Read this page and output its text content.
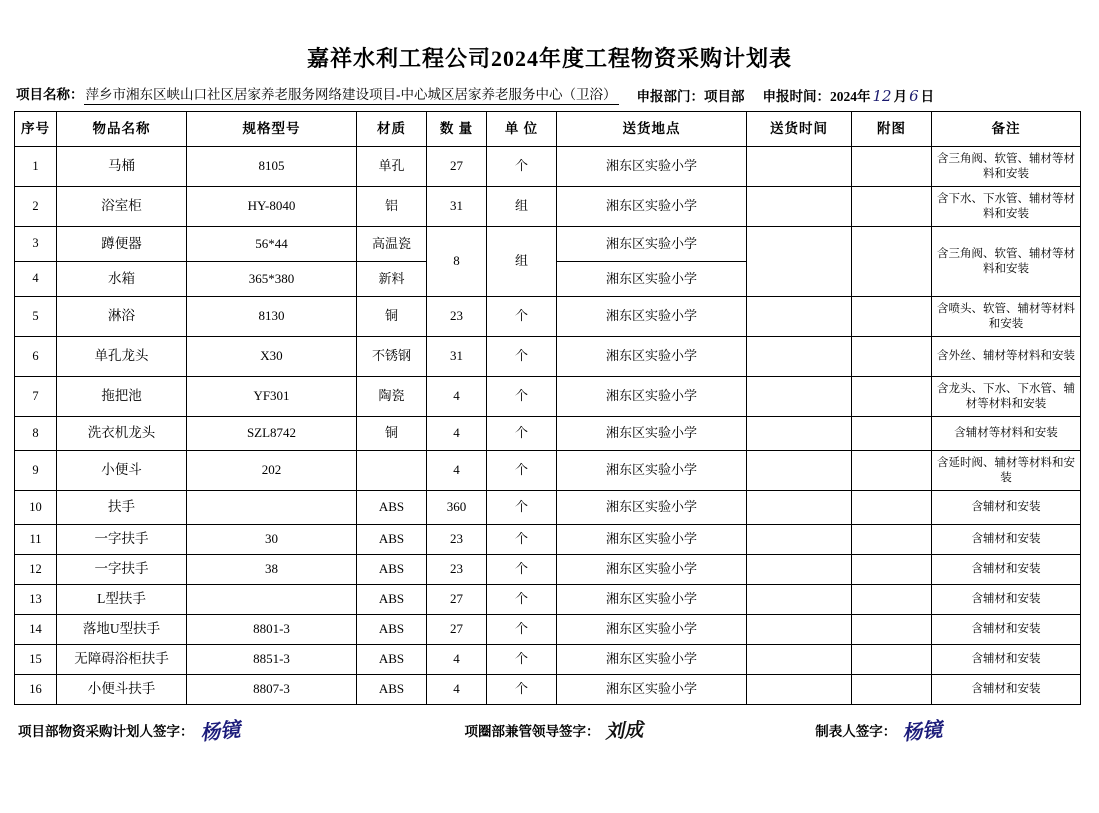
嘉祥水利工程公司2024年度工程物资采购计划表
项目名称： 萍乡市湘东区峡山口社区居家养老服务网络建设项目-中心城区居家养老服务中心（卫浴） 申报部门：项目部 申报时间：2024年 12 月 6 日
序号	物品名称	规格型号	材质	数 量	单 位	送货地点	送货时间	附图	备注
1	马桶	8105	单孔	27	个	湘东区实验小学			含三角阀、软管、辅材等材料和安装
2	浴室柜	HY-8040	铝	31	组	湘东区实验小学			含下水、下水管、辅材等材料和安装
3	蹲便器	56*44	高温瓷	8	组	湘东区实验小学			含三角阀、软管、辅材等材料和安装
4	水箱	365*380	新料			湘东区实验小学			
5	淋浴	8130	铜	23	个	湘东区实验小学			含喷头、软管、辅材等材料和安装
6	单孔龙头	X30	不锈钢	31	个	湘东区实验小学			含外丝、辅材等材料和安装
7	拖把池	YF301	陶瓷	4	个	湘东区实验小学			含龙头、下水、下水管、辅材等材料和安装
8	洗衣机龙头	SZL8742	铜	4	个	湘东区实验小学			含辅材等材料和安装
9	小便斗	202		4	个	湘东区实验小学			含延时阀、辅材等材料和安装
10	扶手		ABS	360	个	湘东区实验小学			含辅材和安装
11	一字扶手	30	ABS	23	个	湘东区实验小学			含辅材和安装
12	一字扶手	38	ABS	23	个	湘东区实验小学			含辅材和安装
13	L型扶手		ABS	27	个	湘东区实验小学			含辅材和安装
14	落地U型扶手	8801-3	ABS	27	个	湘东区实验小学			含辅材和安装
15	无障碍浴柜扶手	8851-3	ABS	4	个	湘东区实验小学			含辅材和安装
16	小便斗扶手	8807-3	ABS	4	个	湘东区实验小学			含辅材和安装
项目部物资采购计划人签字： 杨镜	项圈部兼管领导签字： 刘成	制表人签字： 杨镜
